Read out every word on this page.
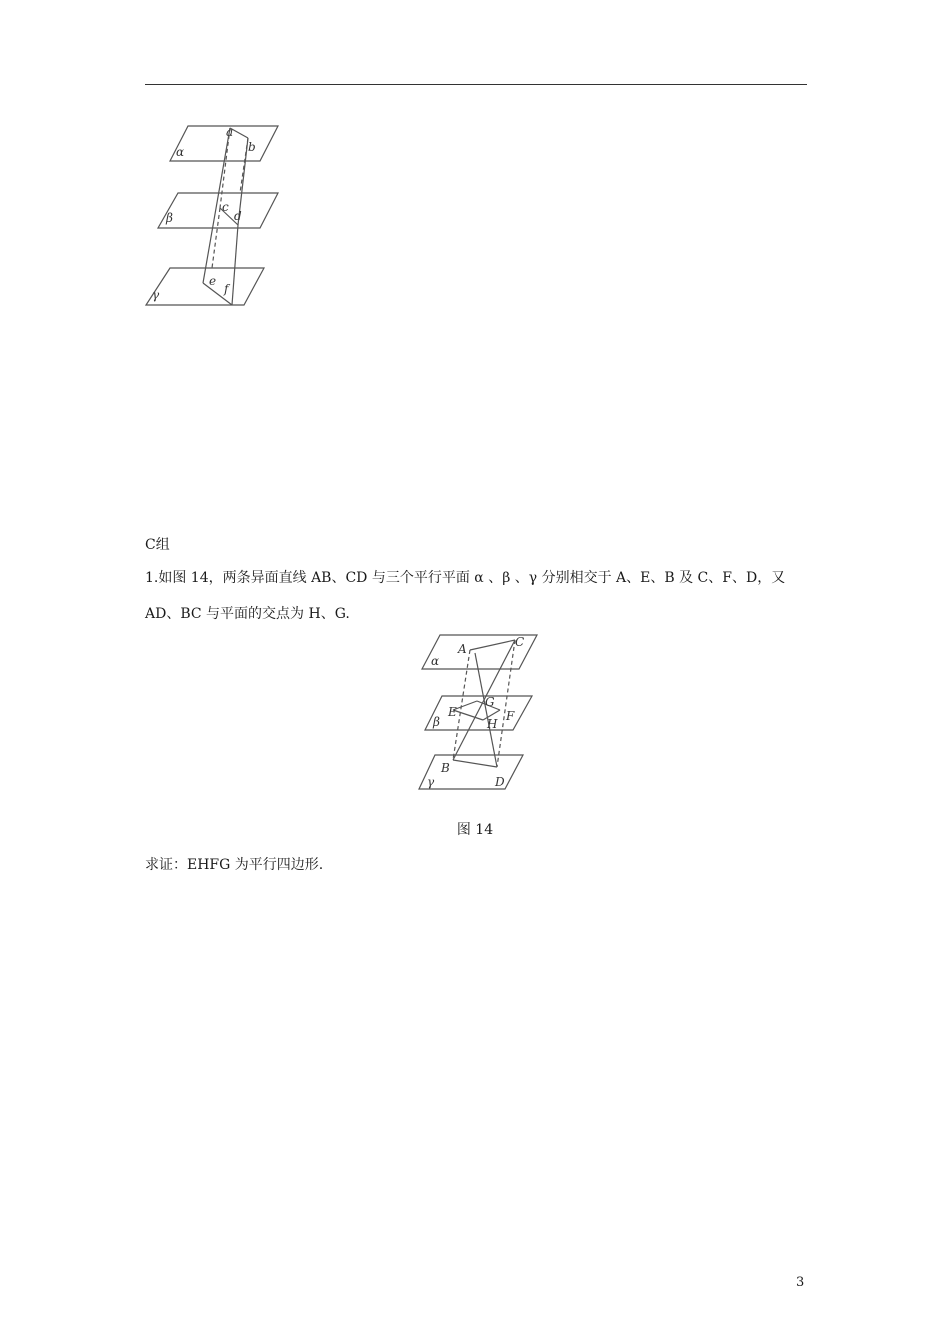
α
β
γ
a
b
c
d
e
f
C组
1.如图 14，两条异面直线 AB、CD 与三个平行平面 α 、β 、γ 分别相交于 A、E、B 及 C、F、D，又
AD、BC 与平面的交点为 H、G.
α
β
γ
A	C
G
E	F
H
B
D
图 14
求证：EHFG 为平行四边形.
3
